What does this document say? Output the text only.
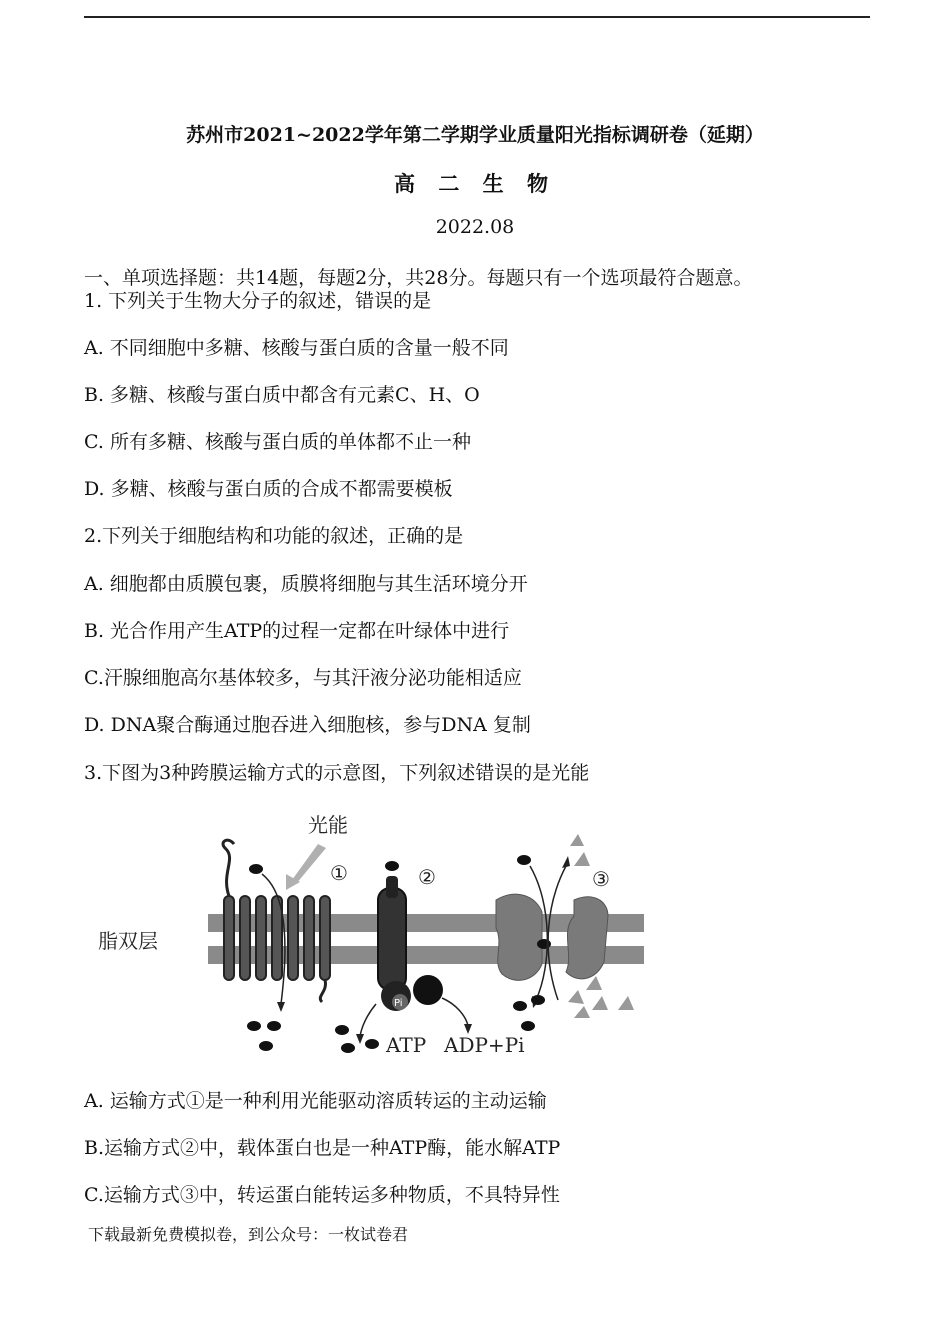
苏州市2021~2022学年第二学期学业质量阳光指标调研卷（延期）
高 二 生 物
2022.08
一、单项选择题：共14题，每题2分，共28分。每题只有一个选项最符合题意。
1. 下列关于生物大分子的叙述，错误的是
A. 不同细胞中多糖、核酸与蛋白质的含量一般不同
B. 多糖、核酸与蛋白质中都含有元素C、H、O
C. 所有多糖、核酸与蛋白质的单体都不止一种
D. 多糖、核酸与蛋白质的合成不都需要模板
2.下列关于细胞结构和功能的叙述，正确的是
A. 细胞都由质膜包裹，质膜将细胞与其生活环境分开
B. 光合作用产生ATP的过程一定都在叶绿体中进行
C.汗腺细胞高尔基体较多，与其汗液分泌功能相适应
D. DNA聚合酶通过胞吞进入细胞核，参与DNA 复制
3.下图为3种跨膜运输方式的示意图，下列叙述错误的是光能
脂双层
光能
①
Pi
ATP ADP+Pi
②	③
A. 运输方式①是一种利用光能驱动溶质转运的主动运输
B.运输方式②中，载体蛋白也是一种ATP酶，能水解ATP
C.运输方式③中，转运蛋白能转运多种物质，不具特异性
下载最新免费模拟卷，到公众号：一枚试卷君
